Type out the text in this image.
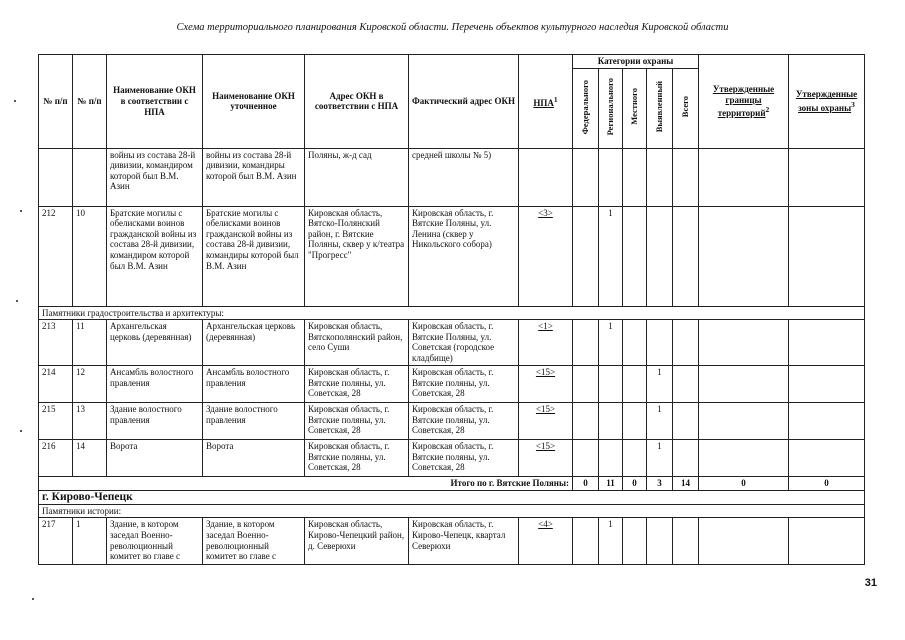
Схема территориального планирования Кировской области. Перечень объектов культурного наследия Кировской области
№ п/п	№ п/п	Наименование ОКН в соответствии с НПА	Наименование ОКН уточненное	Адрес ОКН в соответствии с НПА	Фактический адрес ОКН	НПА$^1$	Категории охраны					Утвержденные границы территорий$^2$	Утвержденные зоны охраны$^3$
							Федерального	Регионального	Местного	Выявленный	Всего		
		войны из состава 28-й дивизии, командиром которой был В.М. Азин	войны из состава 28-й дивизии, командиры которой был В.М. Азин	Поляны, ж-д сад	средней школы № 5)								
212	10	Братские могилы с обелисками воинов гражданской войны из состава 28-й дивизии, командиром которой был В.М. Азин	Братские могилы с обелисками воинов гражданской войны из состава 28-й дивизии, командиры которой был В.М. Азин	Кировская область, Вятско-Полянский район, г. Вятские Поляны, сквер у к/театра "Прогресс"	Кировская область, г. Вятские Поляны, ул. Ленина (сквер у Никольского собора)	<3>		1					
Памятники градостроительства и архитектуры:													
213	11	Архангельская церковь (деревянная)	Архангельская церковь (деревянная)	Кировская область, Вятскополянский район, село Суши	Кировская область, г. Вятские Поляны, ул. Советская (городское кладбище)	<1>		1					
214	12	Ансамбль волостного правления	Ансамбль волостного правления	Кировская область, г. Вятские поляны, ул. Советская, 28	Кировская область, г. Вятские поляны, ул. Советская, 28	<15>				1			
215	13	Здание волостного правления	Здание волостного правления	Кировская область, г. Вятские поляны, ул. Советская, 28	Кировская область, г. Вятские поляны, ул. Советская, 28	<15>				1			
216	14	Ворота	Ворота	Кировская область, г. Вятские поляны, ул. Советская, 28	Кировская область, г. Вятские поляны, ул. Советская, 28	<15>				1			
Итого по г. Вятские Поляны:							0	11	0	3	14	0	0
г. Кирово-Чепецк													
Памятники истории:													
217	1	Здание, в котором заседал Военно-революционный комитет во главе с	Здание, в котором заседал Военно-революционный комитет во главе с	Кировская область, Кирово-Чепецкий район, д. Северюхи	Кировская область, г. Кирово-Чепецк, квартал Северюхи	<4>		1					
31
